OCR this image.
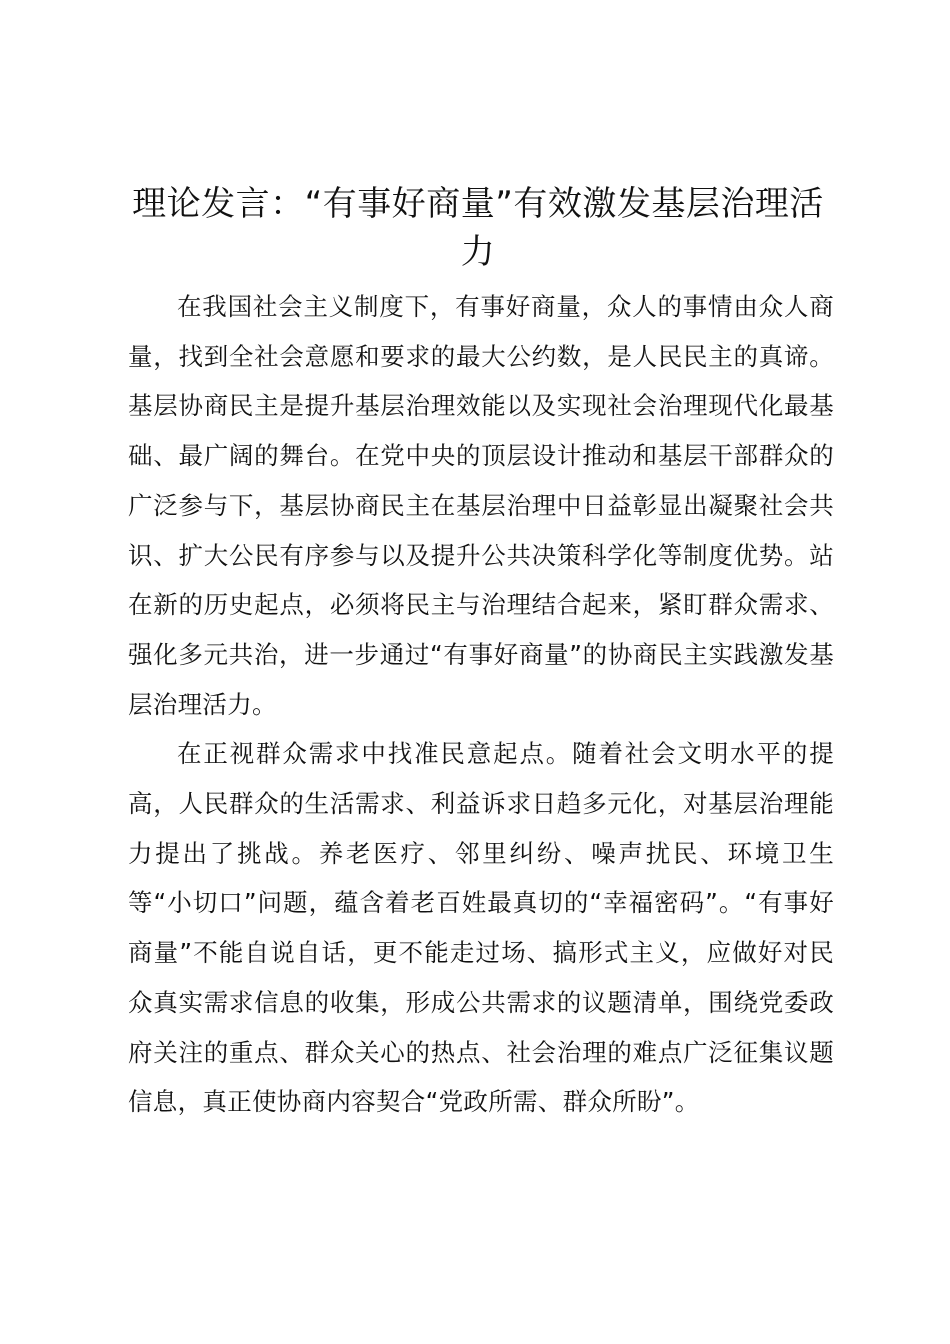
理论发言：“有事好商量”有效激发基层治理活力

在我国社会主义制度下，有事好商量，众人的事情由众人商量，找到全社会意愿和要求的最大公约数，是人民民主的真谛。基层协商民主是提升基层治理效能以及实现社会治理现代化最基础、最广阔的舞台。在党中央的顶层设计推动和基层干部群众的广泛参与下，基层协商民主在基层治理中日益彰显出凝聚社会共识、扩大公民有序参与以及提升公共决策科学化等制度优势。站在新的历史起点，必须将民主与治理结合起来，紧盯群众需求、强化多元共治，进一步通过“有事好商量”的协商民主实践激发基层治理活力。

在正视群众需求中找准民意起点。随着社会文明水平的提高，人民群众的生活需求、利益诉求日趋多元化，对基层治理能力提出了挑战。养老医疗、邻里纠纷、噪声扰民、环境卫生等“小切口”问题，蕴含着老百姓最真切的“幸福密码”。“有事好商量”不能自说自话，更不能走过场、搞形式主义，应做好对民众真实需求信息的收集，形成公共需求的议题清单，围绕党委政府关注的重点、群众关心的热点、社会治理的难点广泛征集议题信息，真正使协商内容契合“党政所需、群众所盼”。
